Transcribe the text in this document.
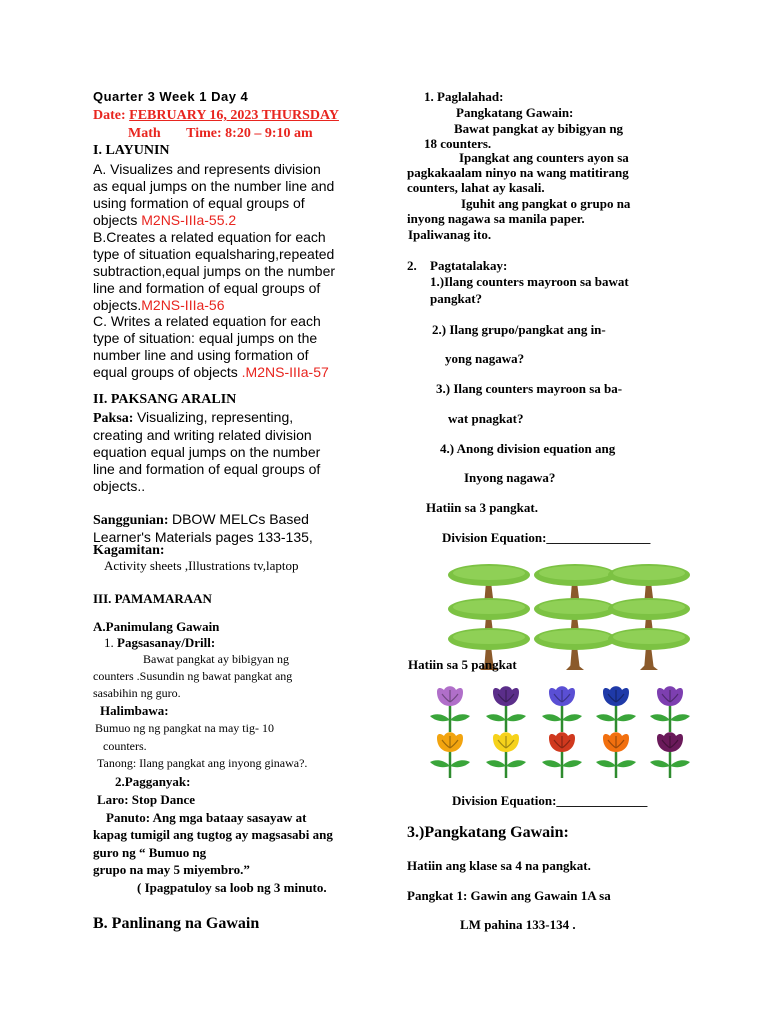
Quarter 3 Week 1 Day 4
Date: FEBRUARY 16, 2023 THURSDAY
Math Time: 8:20 – 9:10 am
I. LAYUNIN
A. Visualizes and represents division
as equal jumps on the number line and
using formation of equal groups of
objects M2NS-IIIa-55.2
B.Creates a related equation for each
type of situation equalsharing,repeated
subtraction,equal jumps on the number
line and formation of equal groups of
objects.M2NS-IIIa-56
C. Writes a related equation for each
type of situation: equal jumps on the
number line and using formation of
equal groups of objects .M2NS-IIIa-57
II. PAKSANG ARALIN
Paksa: Visualizing, representing,
creating and writing related division
equation equal jumps on the number
line and formation of equal groups of
objects..
Sanggunian: DBOW MELCs Based
Learner's Materials pages 133-135,
Kagamitan:
Activity sheets ,Illustrations tv,laptop
III. PAMAMARAAN
A.Panimulang Gawain
1. Pagsasanay/Drill:
Bawat pangkat ay bibigyan ng
counters .Susundin ng bawat pangkat ang
sasabihin ng guro.
Halimbawa:
Bumuo ng ng pangkat na may tig- 10
counters.
Tanong: Ilang pangkat ang inyong ginawa?.
2.Pagganyak:
Laro: Stop Dance
Panuto: Ang mga bataay sasayaw at
kapag tumigil ang tugtog ay magsasabi ang
guro ng “ Bumuo ng
grupo na may 5 miyembro.”
( Ipagpatuloy sa loob ng 3 minuto.
B. Panlinang na Gawain
1. Paglalahad:
Pangkatang Gawain:
Bawat pangkat ay bibigyan ng
18 counters.
Ipangkat ang counters ayon sa
pagkakaalam ninyo na wang matitirang
counters, lahat ay kasali.
Iguhit ang pangkat o grupo na
inyong nagawa sa manila paper.
Ipaliwanag ito.
2. Pagtatalakay:
1.)Ilang counters mayroon sa bawat
pangkat?
2.) Ilang grupo/pangkat ang in-
yong nagawa?
3.) Ilang counters mayroon sa ba-
wat pnagkat?
4.) Anong division equation ang
Inyong nagawa?
Hatiin sa 3 pangkat.
Division Equation:________________
Hatiin sa 5 pangkat
Division Equation:______________
3.)Pangkatang Gawain:
Hatiin ang klase sa 4 na pangkat.
Pangkat 1: Gawin ang Gawain 1A sa
LM pahina 133-134 .
